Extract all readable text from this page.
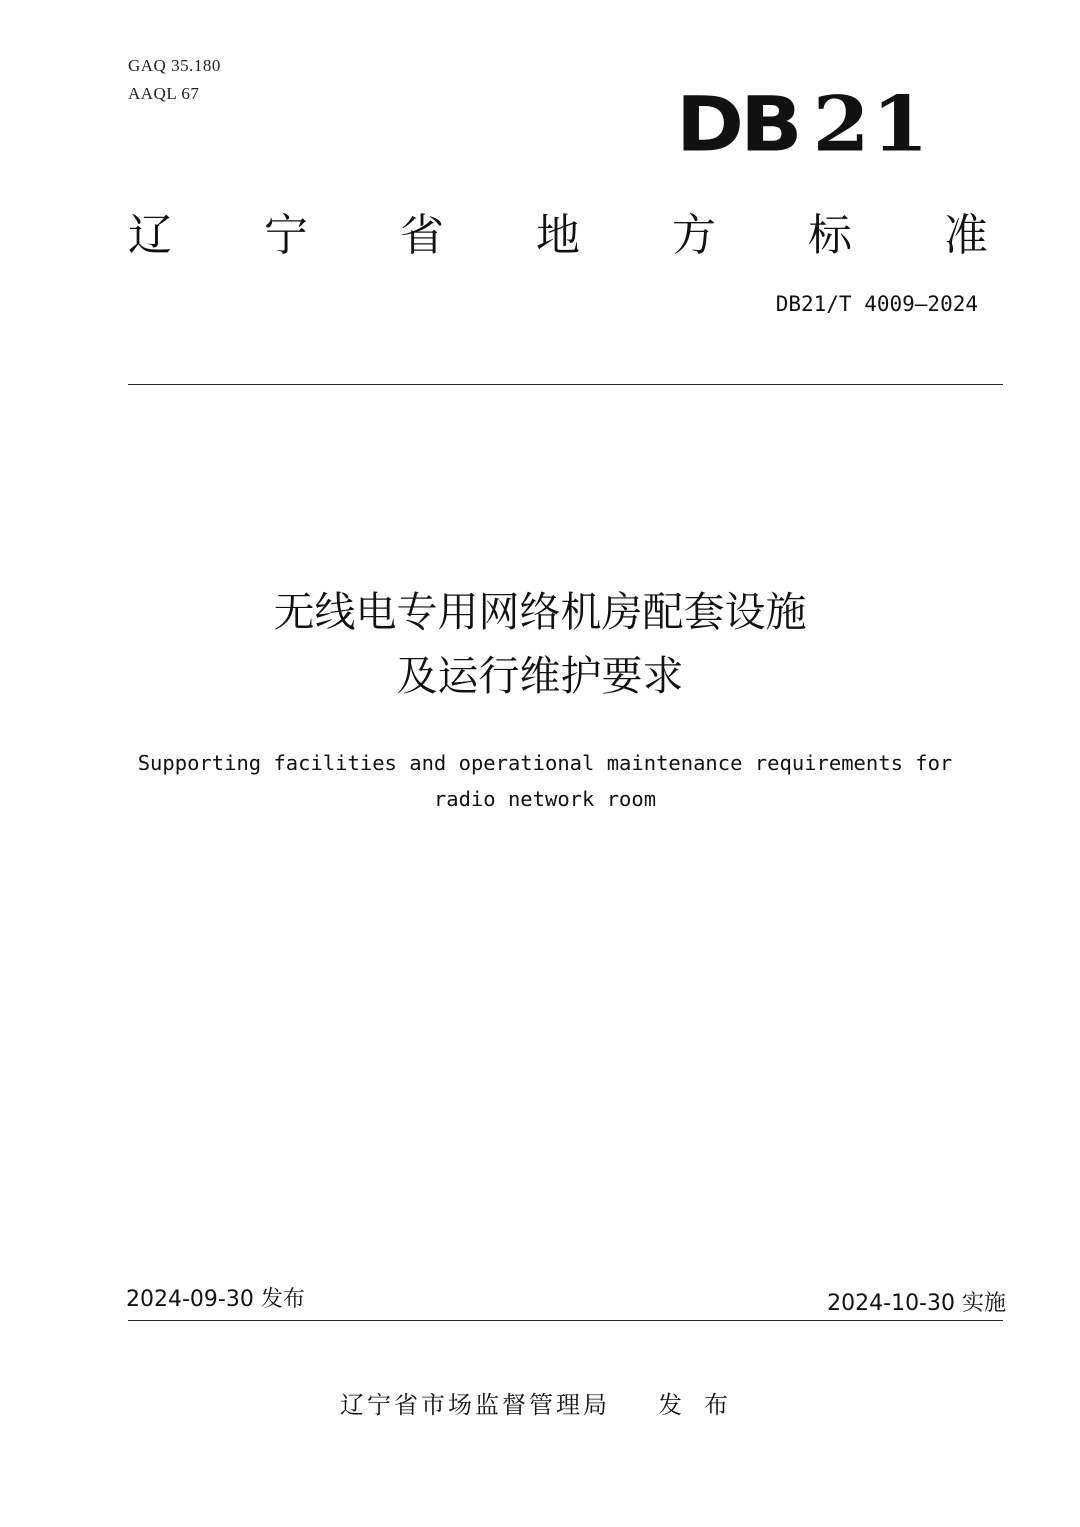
GAQ 35.180
AAQL 67	DB 21
辽 宁 省 地 方 标 准
DB21/T 4009—2024
无线电专用网络机房配套设施
及运行维护要求
Supporting facilities and operational maintenance requirements for
radio network room
2024-09-30 发布	2024-10-30 实施
辽宁省市场监督管理局 发布
